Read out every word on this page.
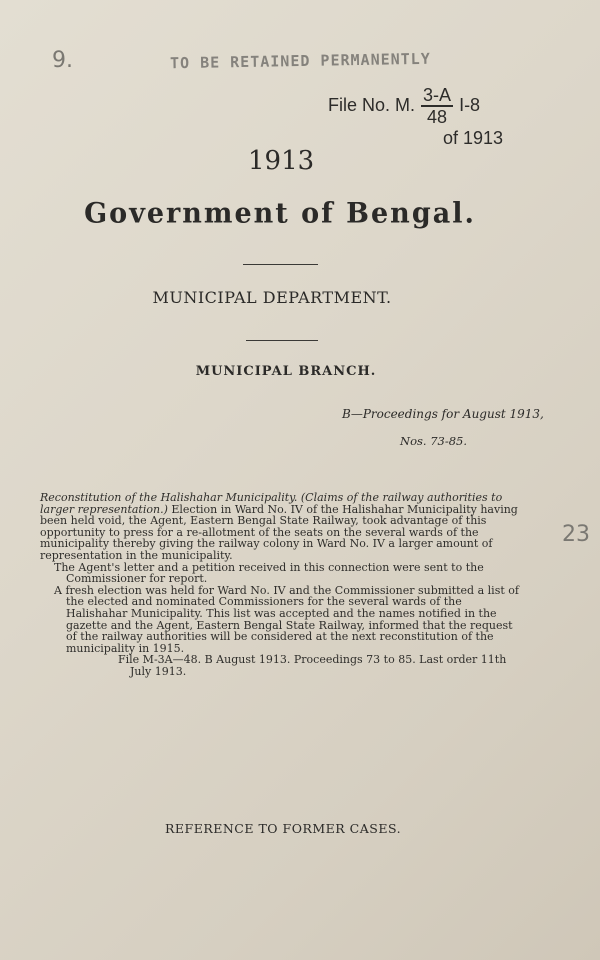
9.
23
TO BE RETAINED PERMANENTLY
File No. M. $\frac{3-A}{48} I-8$
of 1913
1913
Government of Bengal.
MUNICIPAL DEPARTMENT.
MUNICIPAL BRANCH.
B—Proceedings for August 1913,
Nos. 73-85.

Reconstitution of the Halishahar Municipality. (Claims of the railway authorities to larger representation.) Election in Ward No. IV of the Halishahar Municipality having been held void, the Agent, Eastern Bengal State Railway, took advantage of this opportunity to press for a re-allotment of the seats on the several wards of the municipality thereby giving the railway colony in Ward No. IV a larger amount of representation in the municipality.

The Agent's letter and a petition received in this connection were sent to the Commissioner for report.

A fresh election was held for Ward No. IV and the Commissioner submitted a list of the elected and nominated Commissioners for the several wards of the Halishahar Municipality. This list was accepted and the names notified in the gazette and the Agent, Eastern Bengal State Railway, informed that the request of the railway authorities will be considered at the next reconstitution of the municipality in 1915.

File M-3A—48. B August 1913. Proceedings 73 to 85. Last order 11th July 1913.

REFERENCE TO FORMER CASES.
